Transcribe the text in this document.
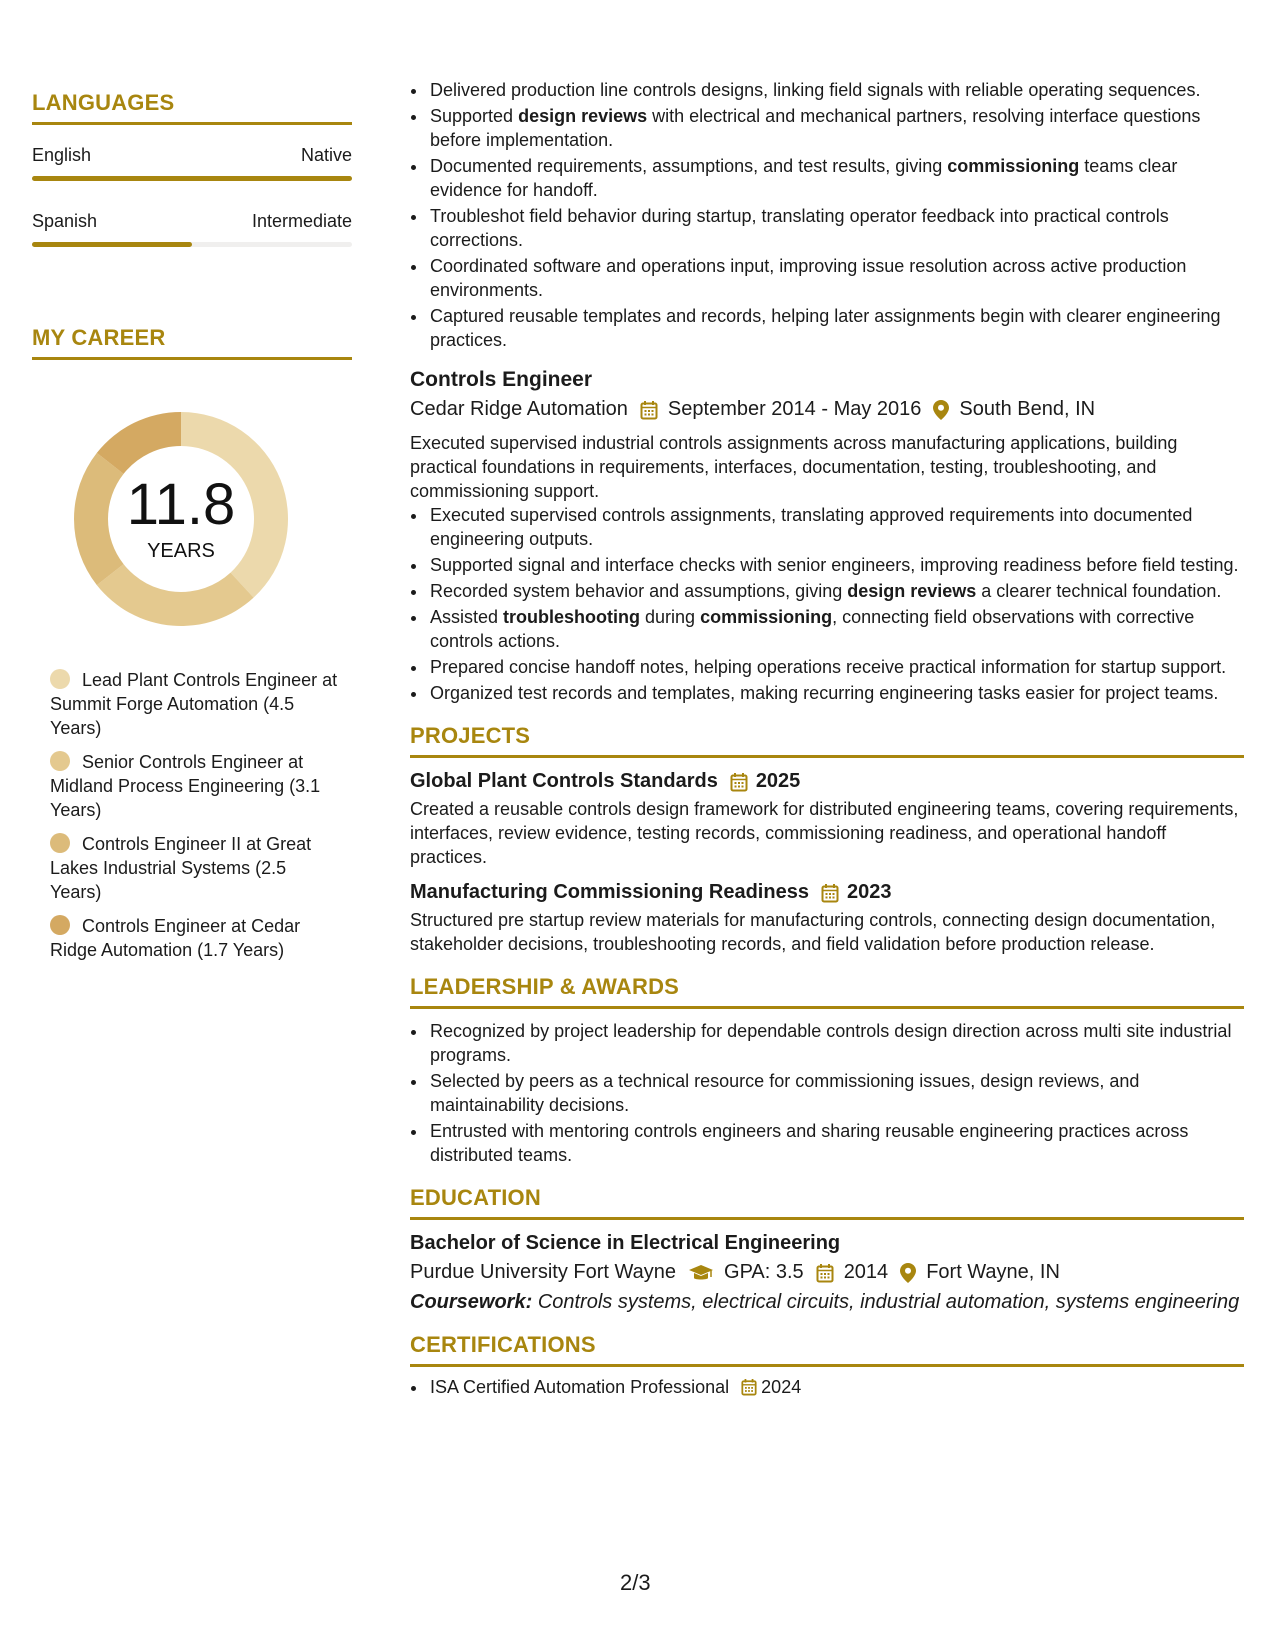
LANGUAGES
English	Native
Spanish	Intermediate
MY CAREER
11.8
YEARS
Lead Plant Controls Engineer at Summit Forge Automation (4.5 Years)
Senior Controls Engineer at Midland Process Engineering (3.1 Years)
Controls Engineer II at Great Lakes Industrial Systems (2.5 Years)
Controls Engineer at Cedar Ridge Automation (1.7 Years)
• Delivered production line controls designs, linking field signals with reliable operating sequences.
• Supported design reviews with electrical and mechanical partners, resolving interface questions before implementation.
• Documented requirements, assumptions, and test results, giving commissioning teams clear evidence for handoff.
• Troubleshot field behavior during startup, translating operator feedback into practical controls corrections.
• Coordinated software and operations input, improving issue resolution across active production environments.
• Captured reusable templates and records, helping later assignments begin with clearer engineering practices.
Controls Engineer
Cedar Ridge Automation September 2014 - May 2016 South Bend, IN
Executed supervised industrial controls assignments across manufacturing applications, building practical foundations in requirements, interfaces, documentation, testing, troubleshooting, and commissioning support.
• Executed supervised controls assignments, translating approved requirements into documented engineering outputs.
• Supported signal and interface checks with senior engineers, improving readiness before field testing.
• Recorded system behavior and assumptions, giving design reviews a clearer technical foundation.
• Assisted troubleshooting during commissioning, connecting field observations with corrective controls actions.
• Prepared concise handoff notes, helping operations receive practical information for startup support.
• Organized test records and templates, making recurring engineering tasks easier for project teams.
PROJECTS
Global Plant Controls Standards 2025
Created a reusable controls design framework for distributed engineering teams, covering requirements, interfaces, review evidence, testing records, commissioning readiness, and operational handoff practices.
Manufacturing Commissioning Readiness 2023
Structured pre startup review materials for manufacturing controls, connecting design documentation, stakeholder decisions, troubleshooting records, and field validation before production release.
LEADERSHIP & AWARDS
• Recognized by project leadership for dependable controls design direction across multi site industrial programs.
• Selected by peers as a technical resource for commissioning issues, design reviews, and maintainability decisions.
• Entrusted with mentoring controls engineers and sharing reusable engineering practices across distributed teams.
EDUCATION
Bachelor of Science in Electrical Engineering
Purdue University Fort Wayne GPA: 3.5 2014 Fort Wayne, IN
Coursework: Controls systems, electrical circuits, industrial automation, systems engineering
CERTIFICATIONS
• ISA Certified Automation Professional 2024
2/3
